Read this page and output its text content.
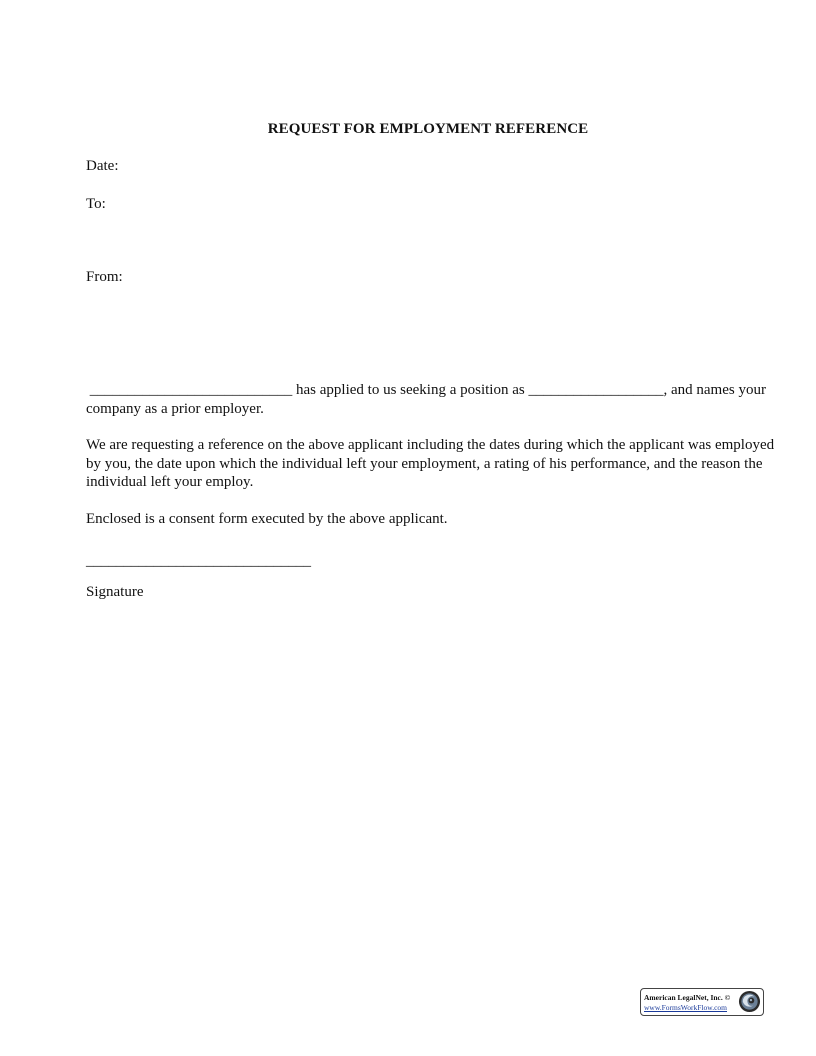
REQUEST FOR EMPLOYMENT REFERENCE
Date:
To:
From:

___________________________ has applied to us seeking a position as __________________, and names your company as a prior employer.

We are requesting a reference on the above applicant including the dates during which the applicant was employed by you, the date upon which the individual left your employment, a rating of his performance, and the reason the individual left your employ.

Enclosed is a consent form executed by the above applicant.

______________________________
Signature
American LegalNet, Inc. ©
www.FormsWorkFlow.com
